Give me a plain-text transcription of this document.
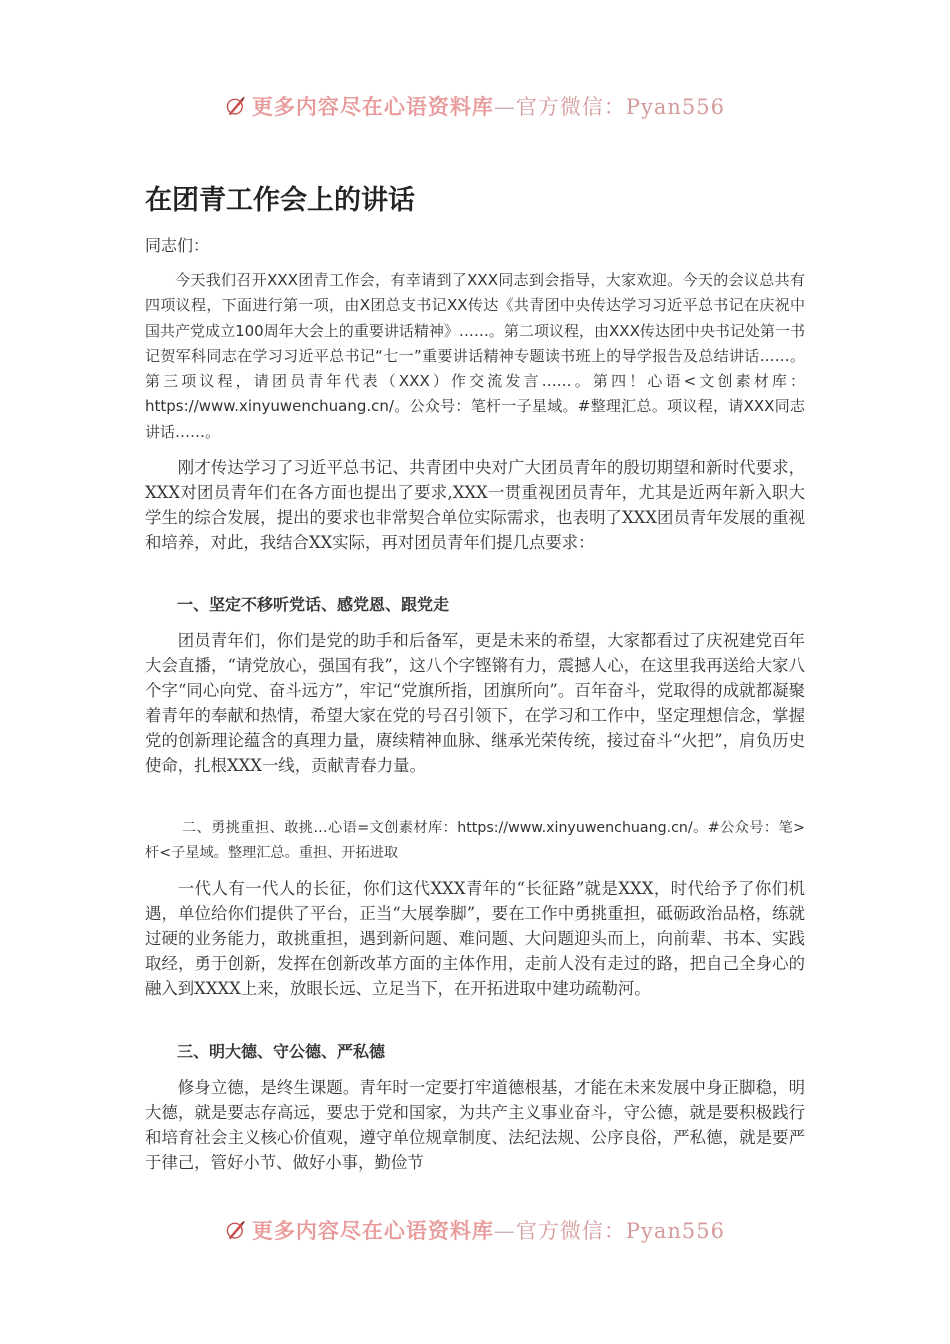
更多内容尽在心语资料库—官方微信：Pyan556
在团青工作会上的讲话

同志们：

今天我们召开XXX团青工作会，有幸请到了XXX同志到会指导，大家欢迎。今天的会议总共有四项议程，下面进行第一项，由X团总支书记XX传达《共青团中央传达学习习近平总书记在庆祝中国共产党成立100周年大会上的重要讲话精神》……。第二项议程，由XXX传达团中央书记处第一书记贺军科同志在学习习近平总书记“七一”重要讲话精神专题读书班上的导学报告及总结讲话……。第三项议程，请团员青年代表（XXX）作交流发言……。第四！心语<文创素材库：https://www.xinyuwenchuang.cn/。公众号：笔杆一子星域。#整理汇总。项议程，请XXX同志讲话……。

刚才传达学习了习近平总书记、共青团中央对广大团员青年的殷切期望和新时代要求，XXX对团员青年们在各方面也提出了要求,XXX一贯重视团员青年，尤其是近两年新入职大学生的综合发展，提出的要求也非常契合单位实际需求，也表明了XXX团员青年发展的重视和培养，对此，我结合XX实际，再对团员青年们提几点要求：

一、坚定不移听党话、感党恩、跟党走

团员青年们，你们是党的助手和后备军，更是未来的希望，大家都看过了庆祝建党百年大会直播，“请党放心，强国有我”，这八个字铿锵有力，震撼人心，在这里我再送给大家八个字“同心向党、奋斗远方”，牢记“党旗所指，团旗所向”。百年奋斗，党取得的成就都凝聚着青年的奉献和热情，希望大家在党的号召引领下，在学习和工作中，坚定理想信念，掌握党的创新理论蕴含的真理力量，赓续精神血脉、继承光荣传统，接过奋斗“火把”，肩负历史使命，扎根XXX一线，贡献青春力量。

二、勇挑重担、敢挑…心语=文创素材库：https://www.xinyuwenchuang.cn/。#公众号：笔>杆<子星域。整理汇总。重担、开拓进取

一代人有一代人的长征，你们这代XXX青年的“长征路”就是XXX，时代给予了你们机遇，单位给你们提供了平台，正当“大展拳脚”，要在工作中勇挑重担，砥砺政治品格，练就过硬的业务能力，敢挑重担，遇到新问题、难问题、大问题迎头而上，向前辈、书本、实践取经，勇于创新，发挥在创新改革方面的主体作用，走前人没有走过的路，把自己全身心的融入到XXXX上来，放眼长远、立足当下，在开拓进取中建功疏勒河。

三、明大德、守公德、严私德

修身立德，是终生课题。青年时一定要打牢道德根基，才能在未来发展中身正脚稳，明大德，就是要志存高远，要忠于党和国家，为共产主义事业奋斗，守公德，就是要积极践行和培育社会主义核心价值观，遵守单位规章制度、法纪法规、公序良俗，严私德，就是要严于律己，管好小节、做好小事，勤俭节

更多内容尽在心语资料库—官方微信：Pyan556
